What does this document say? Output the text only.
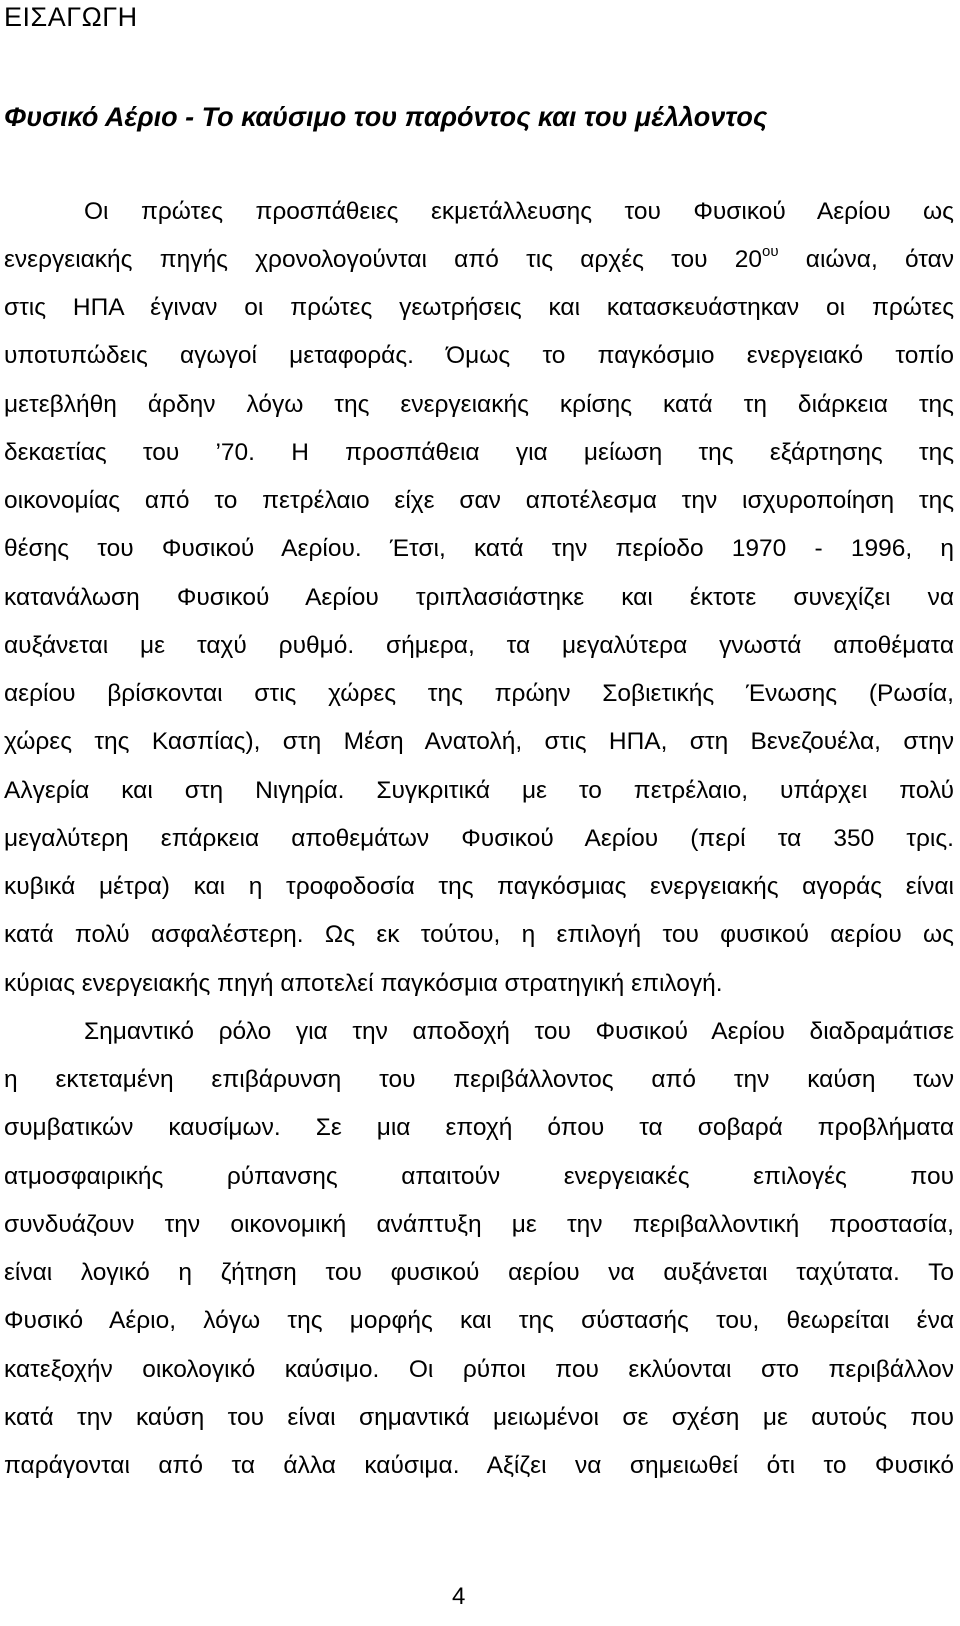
ΕΙΣΑΓΩΓΗ
Φυσικό Αέριο - Το καύσιμο του παρόντος και του μέλλοντος
Οι πρώτες προσπάθειες εκμετάλλευσης του Φυσικού Αερίου ως
ενεργειακής πηγής χρονολογούνται από τις αρχές του $20^{o\upsilon}$ αιώνα, όταν
στις ΗΠΑ έγιναν οι πρώτες γεωτρήσεις και κατασκευάστηκαν οι πρώτες
υποτυπώδεις αγωγοί μεταφοράς. Όμως το παγκόσμιο ενεργειακό τοπίο
μετεβλήθη άρδην λόγω της ενεργειακής κρίσης κατά τη διάρκεια της
δεκαετίας του ’70. Η προσπάθεια για μείωση της εξάρτησης της
οικονομίας από το πετρέλαιο είχε σαν αποτέλεσμα την ισχυροποίηση της
θέσης του Φυσικού Αερίου. Έτσι, κατά την περίοδο 1970 - 1996, η
κατανάλωση Φυσικού Αερίου τριπλασιάστηκε και έκτοτε συνεχίζει να
αυξάνεται με ταχύ ρυθμό. σήμερα, τα μεγαλύτερα γνωστά αποθέματα
αερίου βρίσκονται στις χώρες της πρώην Σοβιετικής Ένωσης (Ρωσία,
χώρες της Κασπίας), στη Μέση Ανατολή, στις ΗΠΑ, στη Βενεζουέλα, στην
Αλγερία και στη Νιγηρία. Συγκριτικά με το πετρέλαιο, υπάρχει πολύ
μεγαλύτερη επάρκεια αποθεμάτων Φυσικού Αερίου (περί τα 350 τρις.
κυβικά μέτρα) και η τροφοδοσία της παγκόσμιας ενεργειακής αγοράς είναι
κατά πολύ ασφαλέστερη. Ως εκ τούτου, η επιλογή του φυσικού αερίου ως
κύριας ενεργειακής πηγή αποτελεί παγκόσμια στρατηγική επιλογή.
Σημαντικό ρόλο για την αποδοχή του Φυσικού Αερίου διαδραμάτισε
η εκτεταμένη επιβάρυνση του περιβάλλοντος από την καύση των
συμβατικών καυσίμων. Σε μια εποχή όπου τα σοβαρά προβλήματα
ατμοσφαιρικής ρύπανσης απαιτούν ενεργειακές επιλογές που
συνδυάζουν την οικονομική ανάπτυξη με την περιβαλλοντική προστασία,
είναι λογικό η ζήτηση του φυσικού αερίου να αυξάνεται ταχύτατα. Το
Φυσικό Αέριο, λόγω της μορφής και της σύστασής του, θεωρείται ένα
κατεξοχήν οικολογικό καύσιμο. Οι ρύποι που εκλύονται στο περιβάλλον
κατά την καύση του είναι σημαντικά μειωμένοι σε σχέση με αυτούς που
παράγονται από τα άλλα καύσιμα. Αξίζει να σημειωθεί ότι το Φυσικό
4
